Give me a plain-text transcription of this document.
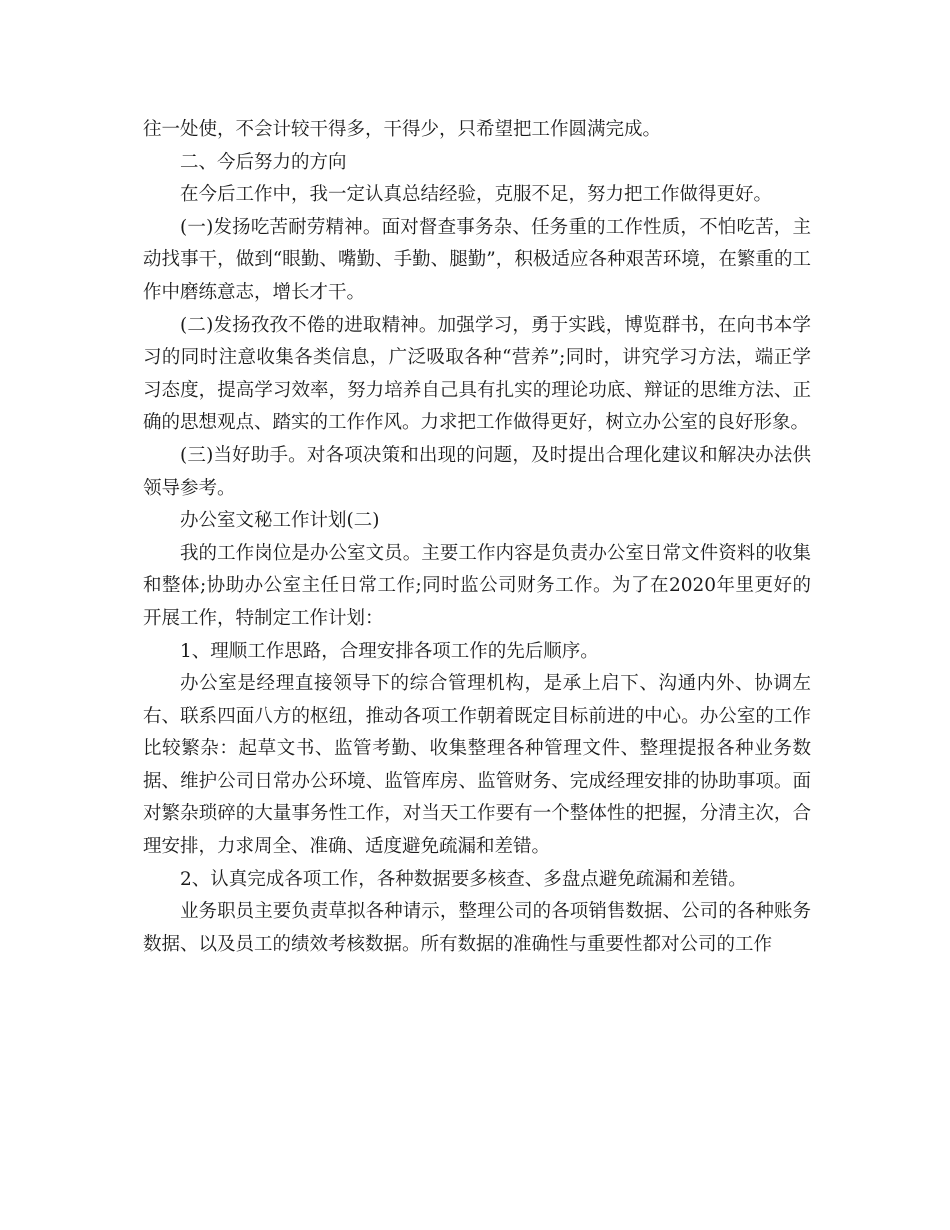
往一处使，不会计较干得多，干得少，只希望把工作圆满完成。

二、今后努力的方向

在今后工作中，我一定认真总结经验，克服不足，努力把工作做得更好。

(一)发扬吃苦耐劳精神。面对督查事务杂、任务重的工作性质，不怕吃苦，主动找事干，做到“眼勤、嘴勤、手勤、腿勤”，积极适应各种艰苦环境，在繁重的工作中磨练意志，增长才干。

(二)发扬孜孜不倦的进取精神。加强学习，勇于实践，博览群书，在向书本学习的同时注意收集各类信息，广泛吸取各种“营养”;同时，讲究学习方法，端正学习态度，提高学习效率，努力培养自己具有扎实的理论功底、辩证的思维方法、正确的思想观点、踏实的工作作风。力求把工作做得更好，树立办公室的良好形象。

(三)当好助手。对各项决策和出现的问题，及时提出合理化建议和解决办法供领导参考。

办公室文秘工作计划(二)

我的工作岗位是办公室文员。主要工作内容是负责办公室日常文件资料的收集和整体;协助办公室主任日常工作;同时监公司财务工作。为了在2020年里更好的开展工作，特制定工作计划：

1、理顺工作思路，合理安排各项工作的先后顺序。

办公室是经理直接领导下的综合管理机构，是承上启下、沟通内外、协调左右、联系四面八方的枢纽，推动各项工作朝着既定目标前进的中心。办公室的工作比较繁杂：起草文书、监管考勤、收集整理各种管理文件、整理提报各种业务数据、维护公司日常办公环境、监管库房、监管财务、完成经理安排的协助事项。面对繁杂琐碎的大量事务性工作，对当天工作要有一个整体性的把握，分清主次，合理安排，力求周全、准确、适度避免疏漏和差错。

2、认真完成各项工作，各种数据要多核查、多盘点避免疏漏和差错。

业务职员主要负责草拟各种请示，整理公司的各项销售数据、公司的各种账务数据、以及员工的绩效考核数据。所有数据的准确性与重要性都对公司的工作
